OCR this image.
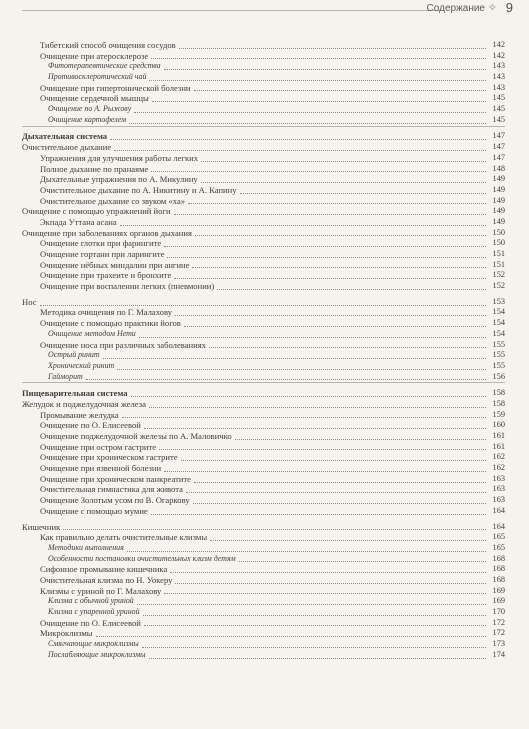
Содержание ✧ 9
Тибетский способ очищения сосудов	142
Очищение при атеросклерозе	142
Фитотерапевтические средства	143
Противосклеротический чай	143
Очищение при гипертонической болезни	143
Очищение сердечной мышцы	145
Очищение по А. Рыжову	145
Очищение картофелем	145
Дыхательная система	147
Очистительное дыхание	147
Упражнения для улучшения работы легких	147
Полное дыхание по пранаяме	148
Дыхательные упражнения по А. Микулину	149
Очистительное дыхание по А. Никитину и А. Капину	149
Очистительное дыхание со звуком «ха»	149
Очищение с помощью упражнений йоги	149
Экпада Уттана асана	149
Очищение при заболеваниях органов дыхания	150
Очищение глотки при фарингите	150
Очищение гортани при ларингите	151
Очищение нёбных миндалин при ангине	151
Очищение при трахеите и бронхите	152
Очищение при воспалении легких (пневмонии)	152
Нос	153
Методика очищения по Г. Малахову	154
Очищение с помощью практики йогов	154
Очищение методом Нети	154
Очищение носа при различных заболеваниях	155
Острый ринит	155
Хронический ринит	155
Гайморит	156
Пищеварительная система	158
Желудок и поджелудочная железа	158
Промывание желудка	159
Очищение по О. Елисеевой	160
Очищение поджелудочной железы по А. Маловичко	161
Очищение при остром гастрите	161
Очищение при хроническом гастрите	162
Очищение при язвенной болезни	162
Очищение при хроническом панкреатите	163
Очистительная гимнастика для живота	163
Очищение Золотым усом по В. Огаркову	163
Очищение с помощью мумие	164
Кишечник	164
Как правильно делать очистительные клизмы	165
Методики выполнения	165
Особенности постановки очистительных клизм детям	168
Сифонное промывание кишечника	168
Очистительная клизма по Н. Уокеру	168
Клизмы с уриной по Г. Малахову	169
Клизма с обычной уриной	169
Клизма с упаренной уриной	170
Очищение по О. Елисеевой	172
Микроклизмы	172
Смягчающие микроклизмы	173
Послабляющие микроклизмы	174
